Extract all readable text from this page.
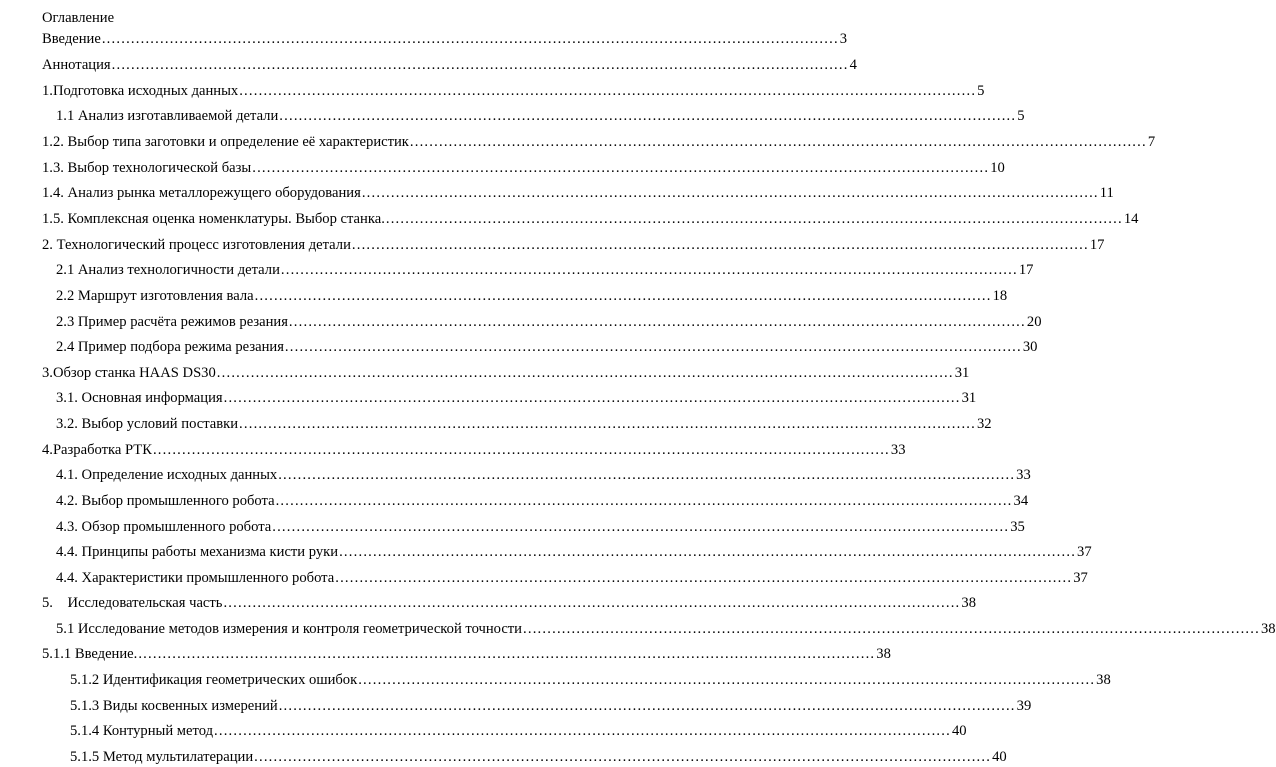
Оглавление
Введение ........................................................................................................................................................ 3
Аннотация ........................................................................................................................................................ 4
1.Подготовка исходных данных ........................................................................................................................................................ 5
1.1 Анализ изготавливаемой детали ........................................................................................................................................................ 5
1.2. Выбор типа заготовки и определение её характеристик ........................................................................................................................................................ 7
1.3. Выбор технологической базы ........................................................................................................................................................ 10
1.4. Анализ рынка металлорежущего оборудования ........................................................................................................................................................ 11
1.5. Комплексная оценка номенклатуры. Выбор станка. ........................................................................................................................................................ 14
2. Технологический процесс изготовления детали ........................................................................................................................................................ 17
2.1 Анализ технологичности детали ........................................................................................................................................................ 17
2.2 Маршрут изготовления вала ........................................................................................................................................................ 18
2.3 Пример расчёта режимов резания ........................................................................................................................................................ 20
2.4 Пример подбора режима резания ........................................................................................................................................................ 30
3.Обзор станка HAAS DS30 ........................................................................................................................................................ 31
3.1. Основная информация ........................................................................................................................................................ 31
3.2. Выбор условий поставки ........................................................................................................................................................ 32
4.Разработка РТК ........................................................................................................................................................ 33
4.1. Определение исходных данных ........................................................................................................................................................ 33
4.2. Выбор промышленного робота ........................................................................................................................................................ 34
4.3. Обзор промышленного робота ........................................................................................................................................................ 35
4.4. Принципы работы механизма кисти руки ........................................................................................................................................................ 37
4.4. Характеристики промышленного робота ........................................................................................................................................................ 37
5.    Исследовательская часть ........................................................................................................................................................ 38
5.1 Исследование методов измерения и контроля геометрической точности ........................................................................................................................................................ 38
5.1.1 Введение. ........................................................................................................................................................ 38
5.1.2 Идентификация геометрических ошибок ........................................................................................................................................................ 38
5.1.3 Виды косвенных измерений ........................................................................................................................................................ 39
5.1.4 Контурный метод ........................................................................................................................................................ 40
5.1.5 Метод мультилатерации ........................................................................................................................................................ 40
